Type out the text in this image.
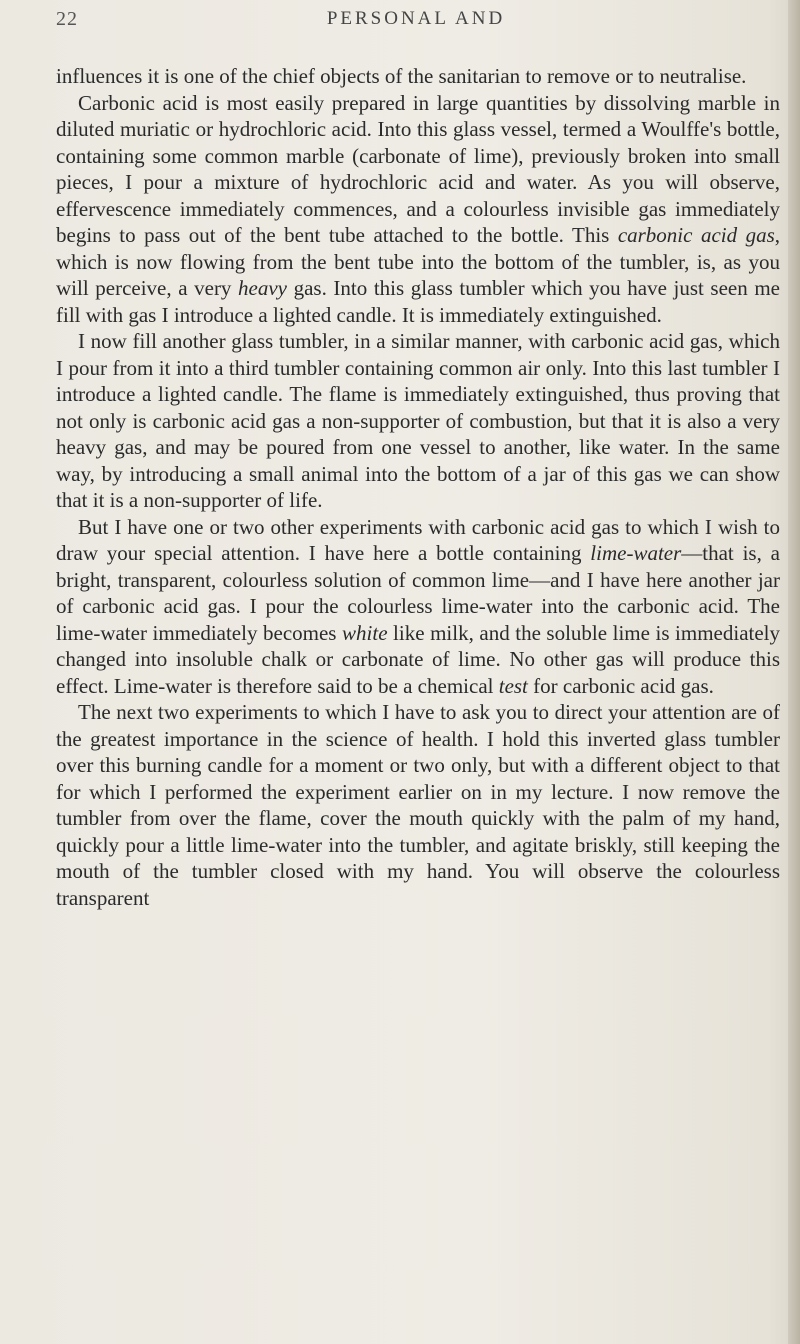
22	PERSONAL AND

influences it is one of the chief objects of the sanitarian to remove or to neutralise.

Carbonic acid is most easily prepared in large quantities by dissolving marble in diluted muriatic or hydrochloric acid. Into this glass vessel, termed a Woulffe's bottle, containing some common marble (carbonate of lime), previously broken into small pieces, I pour a mixture of hydrochloric acid and water. As you will observe, effervescence immediately commences, and a colourless invisible gas immediately begins to pass out of the bent tube attached to the bottle. This carbonic acid gas, which is now flowing from the bent tube into the bottom of the tumbler, is, as you will perceive, a very heavy gas. Into this glass tumbler which you have just seen me fill with gas I introduce a lighted candle. It is immediately extinguished.

I now fill another glass tumbler, in a similar manner, with carbonic acid gas, which I pour from it into a third tumbler containing common air only. Into this last tumbler I introduce a lighted candle. The flame is immediately extinguished, thus proving that not only is carbonic acid gas a non-supporter of combustion, but that it is also a very heavy gas, and may be poured from one vessel to another, like water. In the same way, by introducing a small animal into the bottom of a jar of this gas we can show that it is a non-supporter of life.

But I have one or two other experiments with carbonic acid gas to which I wish to draw your special attention. I have here a bottle containing lime-water—that is, a bright, transparent, colourless solution of common lime—and I have here another jar of carbonic acid gas. I pour the colourless lime-water into the carbonic acid. The lime-water immediately becomes white like milk, and the soluble lime is immediately changed into insoluble chalk or carbonate of lime. No other gas will produce this effect. Lime-water is therefore said to be a chemical test for carbonic acid gas.

The next two experiments to which I have to ask you to direct your attention are of the greatest importance in the science of health. I hold this inverted glass tumbler over this burning candle for a moment or two only, but with a different object to that for which I performed the experiment earlier on in my lecture. I now remove the tumbler from over the flame, cover the mouth quickly with the palm of my hand, quickly pour a little lime-water into the tumbler, and agitate briskly, still keeping the mouth of the tumbler closed with my hand. You will observe the colourless transparent
